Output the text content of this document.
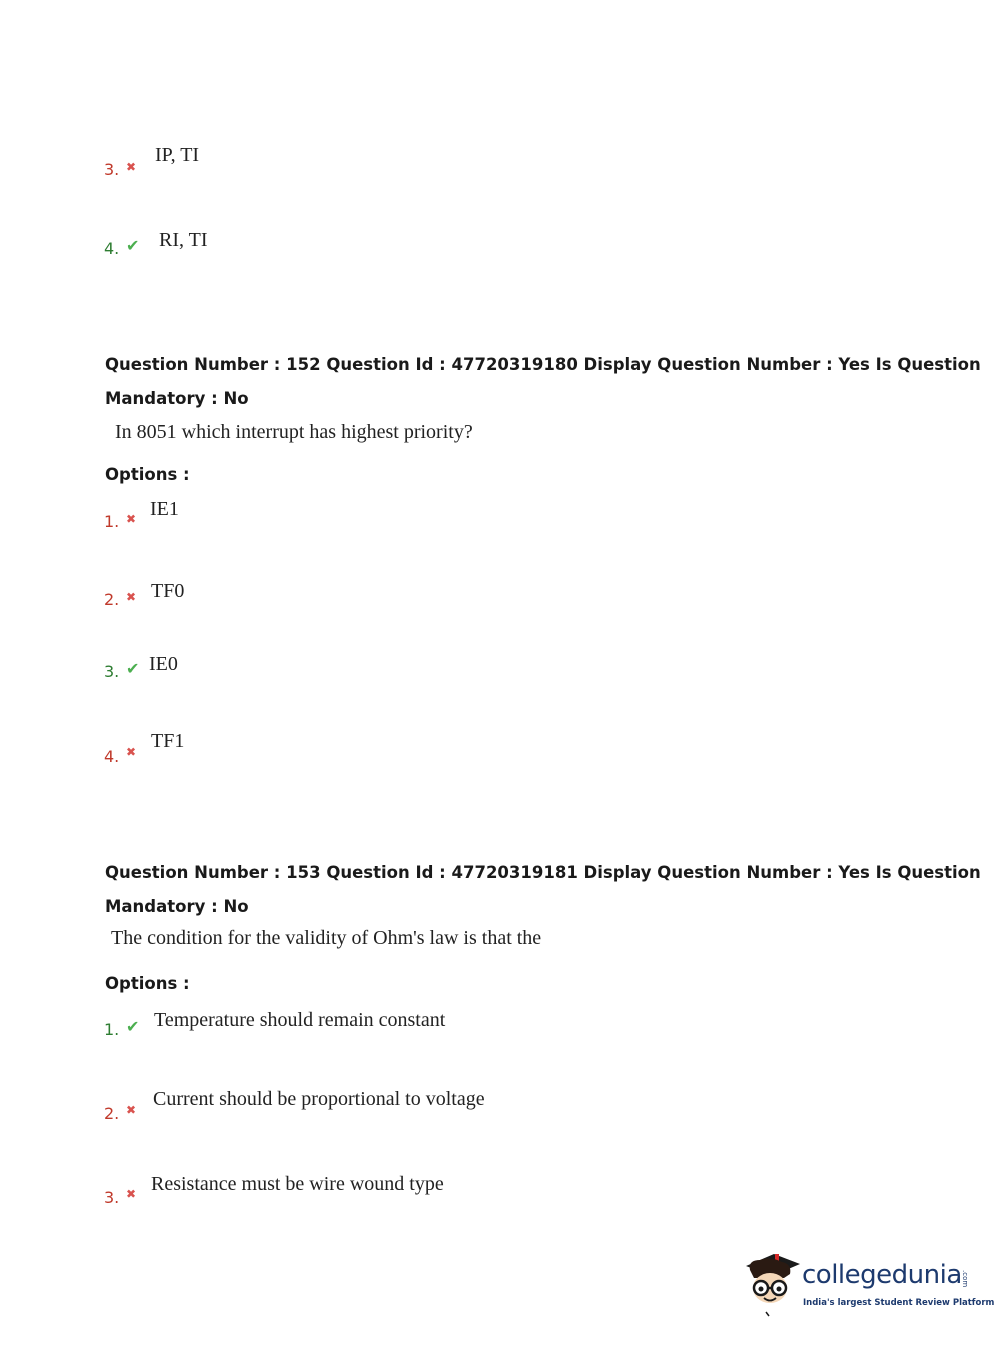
3. ✖
IP, TI
4. ✔ RI, TI
Question Number : 152 Question Id : 47720319180 Display Question Number : Yes Is Question
Mandatory : No
In 8051 which interrupt has highest priority?
Options :
1. ✖ IE1
2. ✖ TF0
3. ✔ IE0
4. ✖ TF1
Question Number : 153 Question Id : 47720319181 Display Question Number : Yes Is Question
Mandatory : No
The condition for the validity of Ohm's law is that the
Options :
1. ✔ Temperature should remain constant
2. ✖ Current should be proportional to voltage
3. ✖ Resistance must be wire wound type
collegedunia .com
India's largest Student Review Platform
